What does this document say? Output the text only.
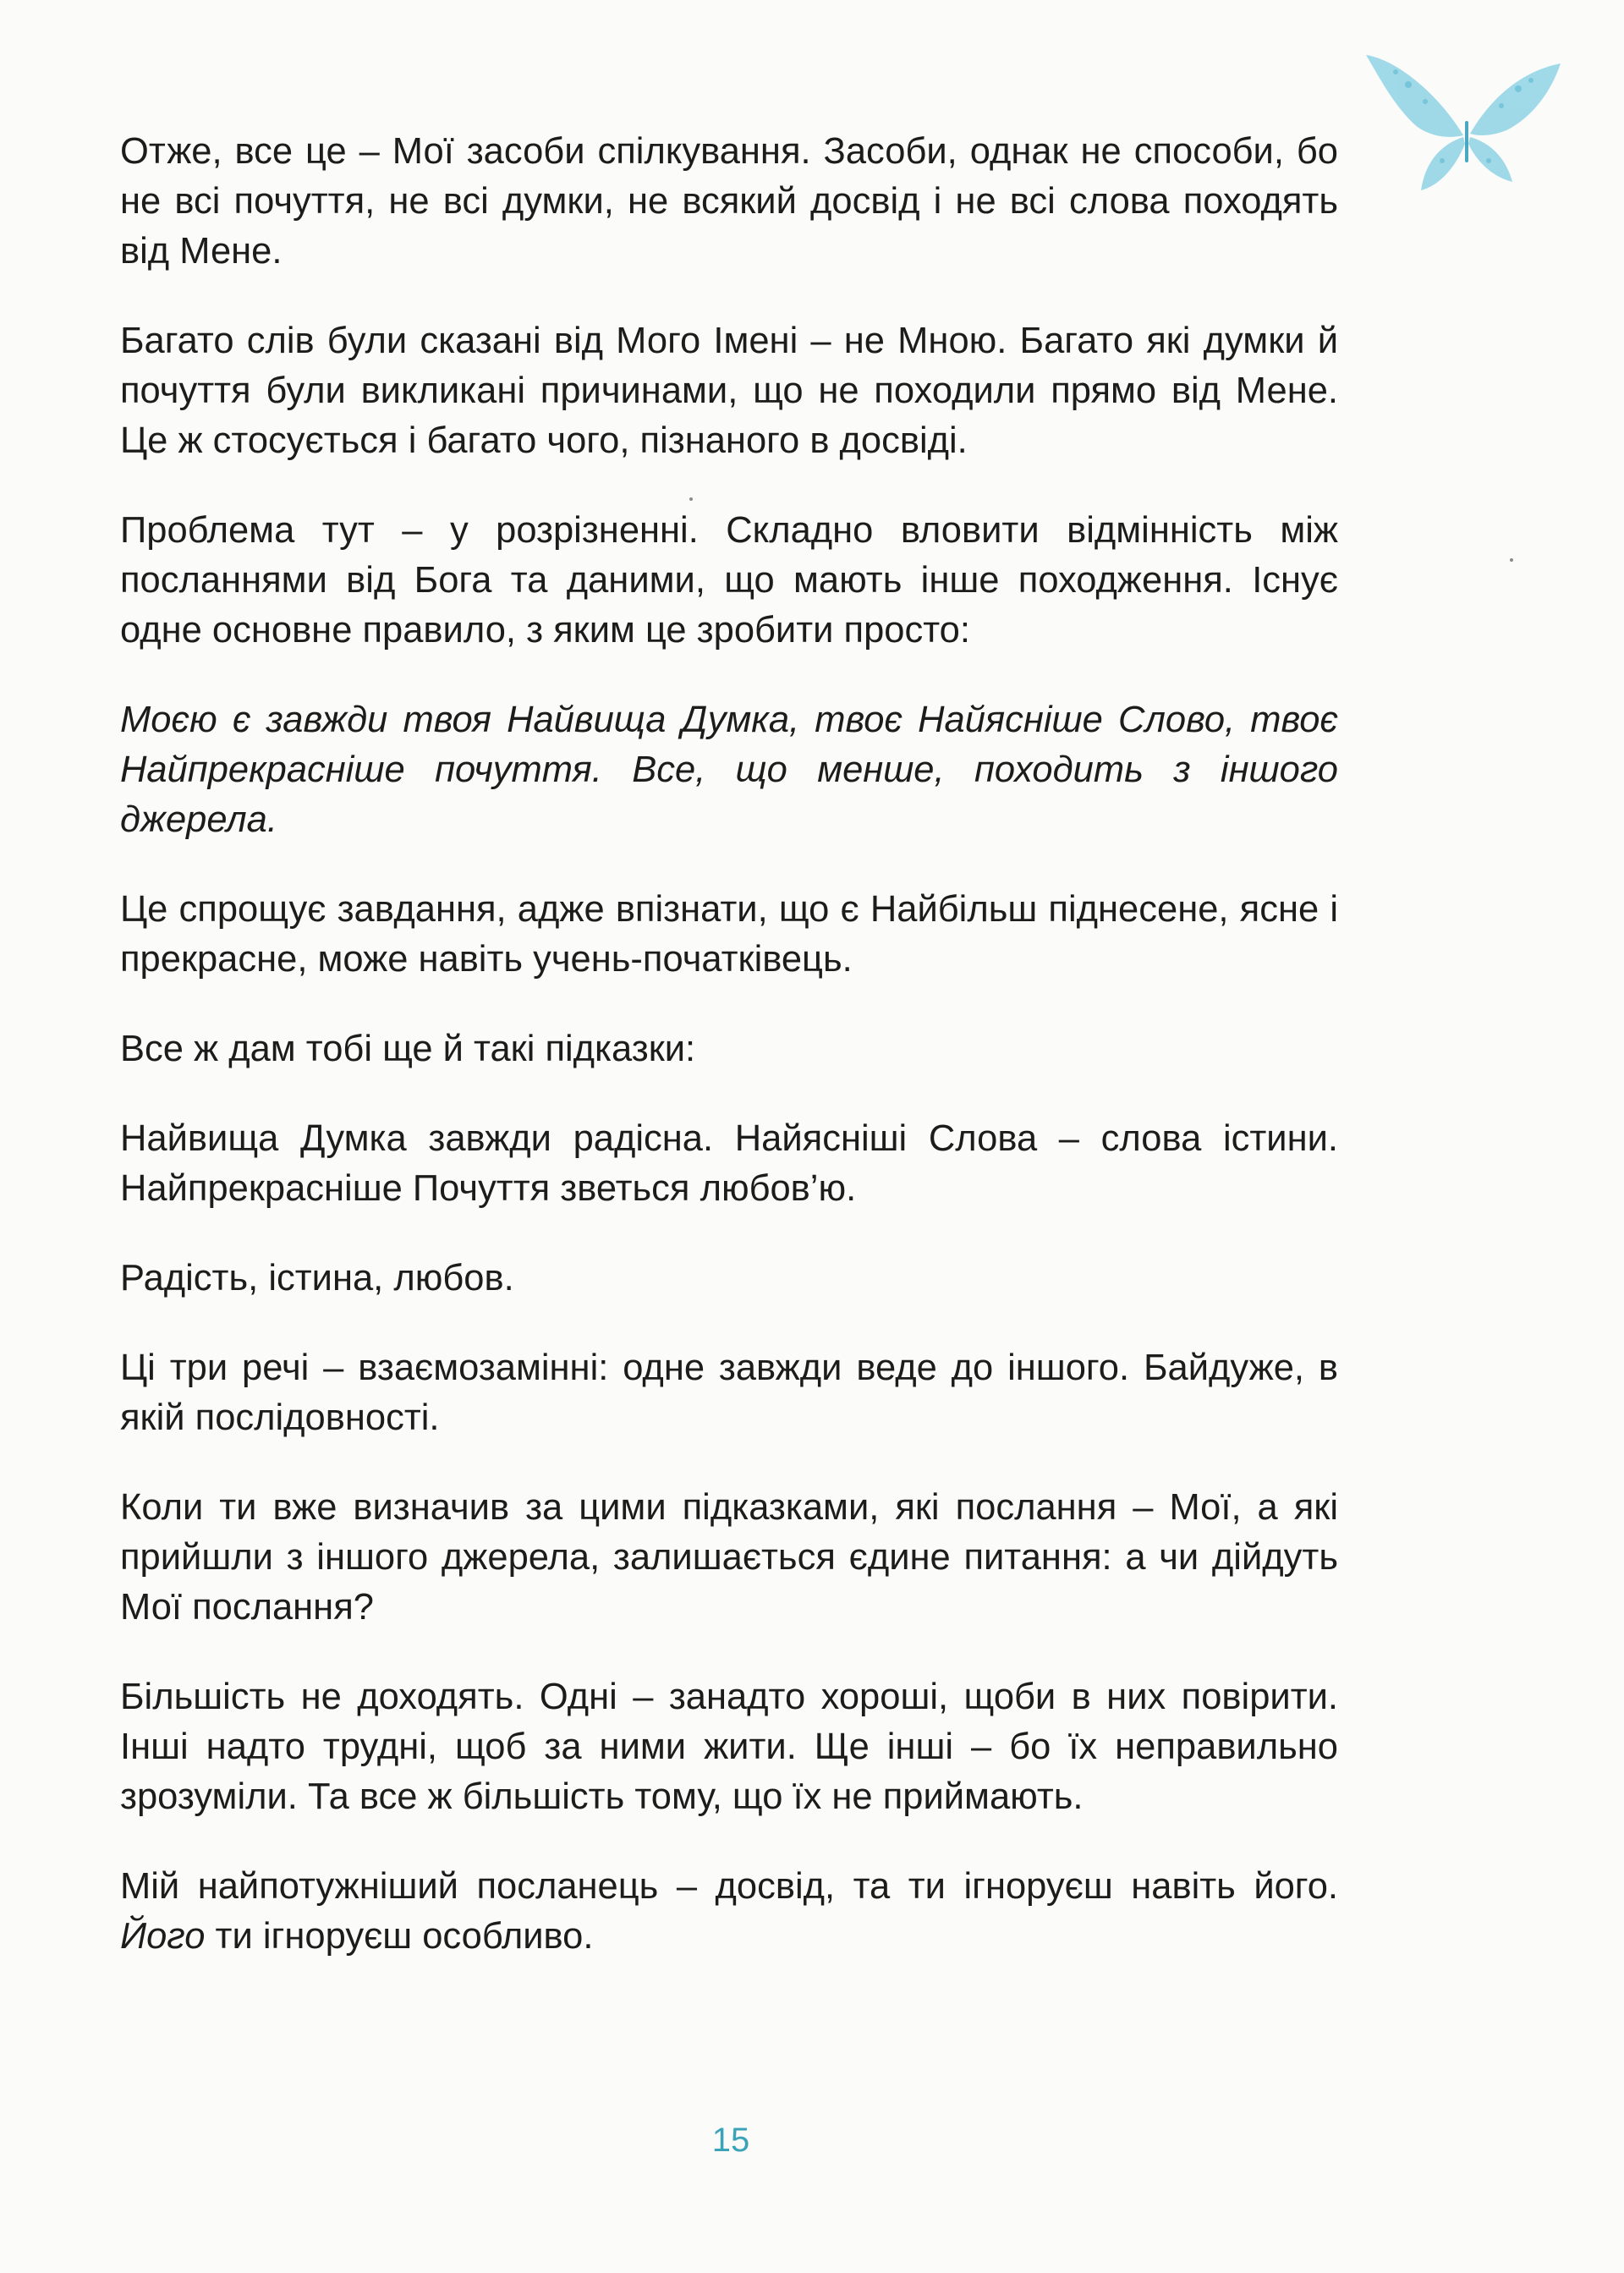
Отже, все це – Мої засоби спілкування. Засоби, однак не способи, бо не всі почуття, не всі думки, не всякий досвід і не всі слова походять від Мене.

Багато слів були сказані від Мого Імені – не Мною. Багато які думки й почуття були викликані причинами, що не походили прямо від Мене. Це ж стосується і багато чого, пізнаного в досвіді.

Проблема тут – у розрізненні. Складно вловити відмінність між посланнями від Бога та даними, що мають інше походження. Існує одне основне правило, з яким це зробити просто:

Моєю є завжди твоя Найвища Думка, твоє Найясніше Слово, твоє Найпрекрасніше почуття. Все, що менше, походить з іншого джерела.

Це спрощує завдання, адже впізнати, що є Найбільш піднесене, ясне і прекрасне, може навіть учень-початківець.

Все ж дам тобі ще й такі підказки:

Найвища Думка завжди радісна. Найясніші Слова – слова істини. Найпрекрасніше Почуття зветься любов’ю.

Радість, істина, любов.

Ці три речі – взаємозамінні: одне завжди веде до іншого. Байдуже, в якій послідовності.

Коли ти вже визначив за цими підказками, які послання – Мої, а які прийшли з іншого джерела, залишається єдине питання: а чи дійдуть Мої послання?

Більшість не доходять. Одні – занадто хороші, щоби в них повірити. Інші надто трудні, щоб за ними жити. Ще інші – бо їх неправильно зрозуміли. Та все ж більшість тому, що їх не приймають.

Мій найпотужніший посланець – досвід, та ти ігноруєш навіть його. Його ти ігноруєш особливо.

15
